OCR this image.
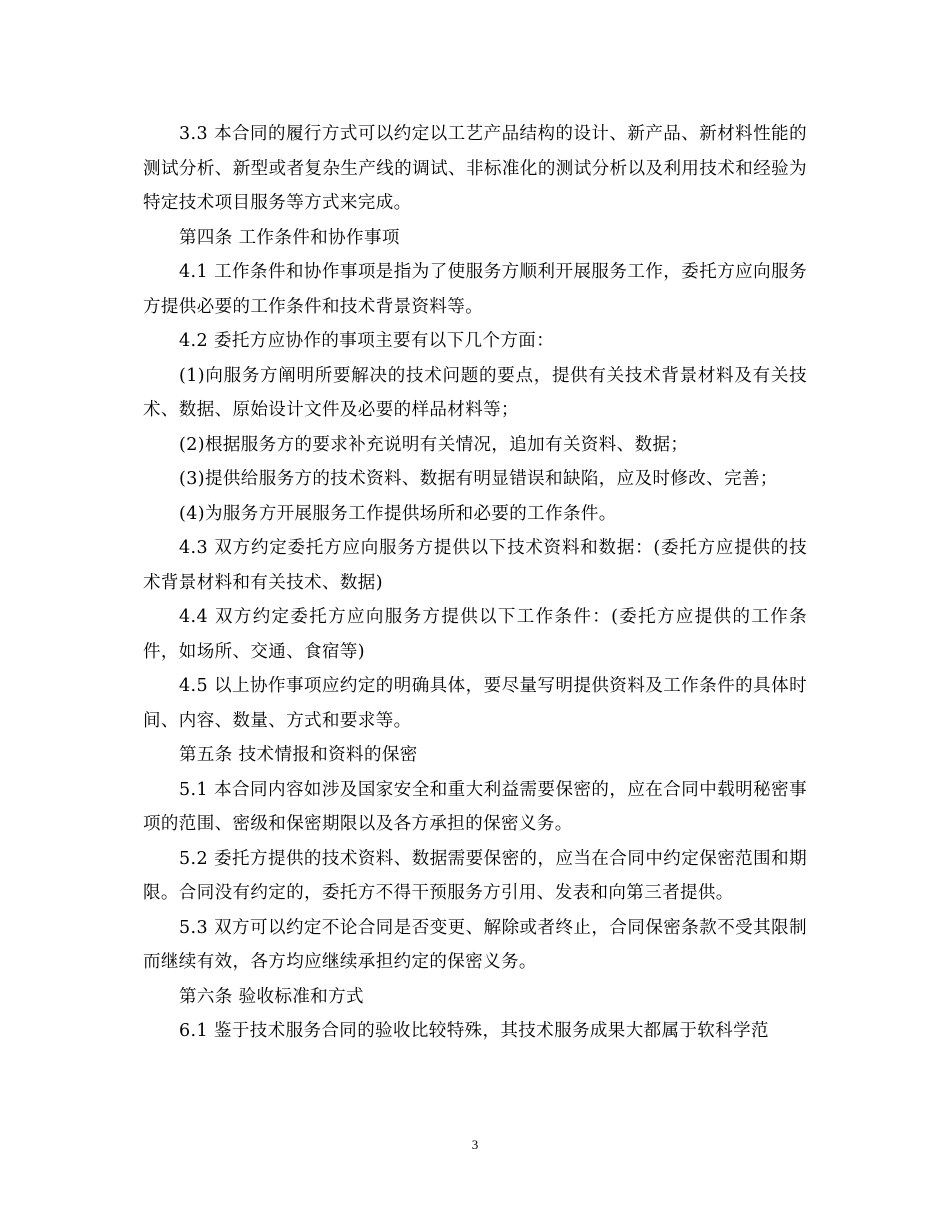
3.3 本合同的履行方式可以约定以工艺产品结构的设计、新产品、新材料性能的测试分析、新型或者复杂生产线的调试、非标准化的测试分析以及利用技术和经验为特定技术项目服务等方式来完成。

第四条 工作条件和协作事项

4.1 工作条件和协作事项是指为了使服务方顺利开展服务工作，委托方应向服务方提供必要的工作条件和技术背景资料等。

4.2 委托方应协作的事项主要有以下几个方面：

(1)向服务方阐明所要解决的技术问题的要点，提供有关技术背景材料及有关技术、数据、原始设计文件及必要的样品材料等；

(2)根据服务方的要求补充说明有关情况，追加有关资料、数据；

(3)提供给服务方的技术资料、数据有明显错误和缺陷，应及时修改、完善；

(4)为服务方开展服务工作提供场所和必要的工作条件。

4.3 双方约定委托方应向服务方提供以下技术资料和数据：(委托方应提供的技术背景材料和有关技术、数据)

4.4 双方约定委托方应向服务方提供以下工作条件：(委托方应提供的工作条件，如场所、交通、食宿等)

4.5 以上协作事项应约定的明确具体，要尽量写明提供资料及工作条件的具体时间、内容、数量、方式和要求等。

第五条 技术情报和资料的保密

5.1 本合同内容如涉及国家安全和重大利益需要保密的，应在合同中载明秘密事项的范围、密级和保密期限以及各方承担的保密义务。

5.2 委托方提供的技术资料、数据需要保密的，应当在合同中约定保密范围和期限。合同没有约定的，委托方不得干预服务方引用、发表和向第三者提供。

5.3 双方可以约定不论合同是否变更、解除或者终止，合同保密条款不受其限制而继续有效，各方均应继续承担约定的保密义务。

第六条 验收标准和方式

6.1 鉴于技术服务合同的验收比较特殊，其技术服务成果大都属于软科学范

3
